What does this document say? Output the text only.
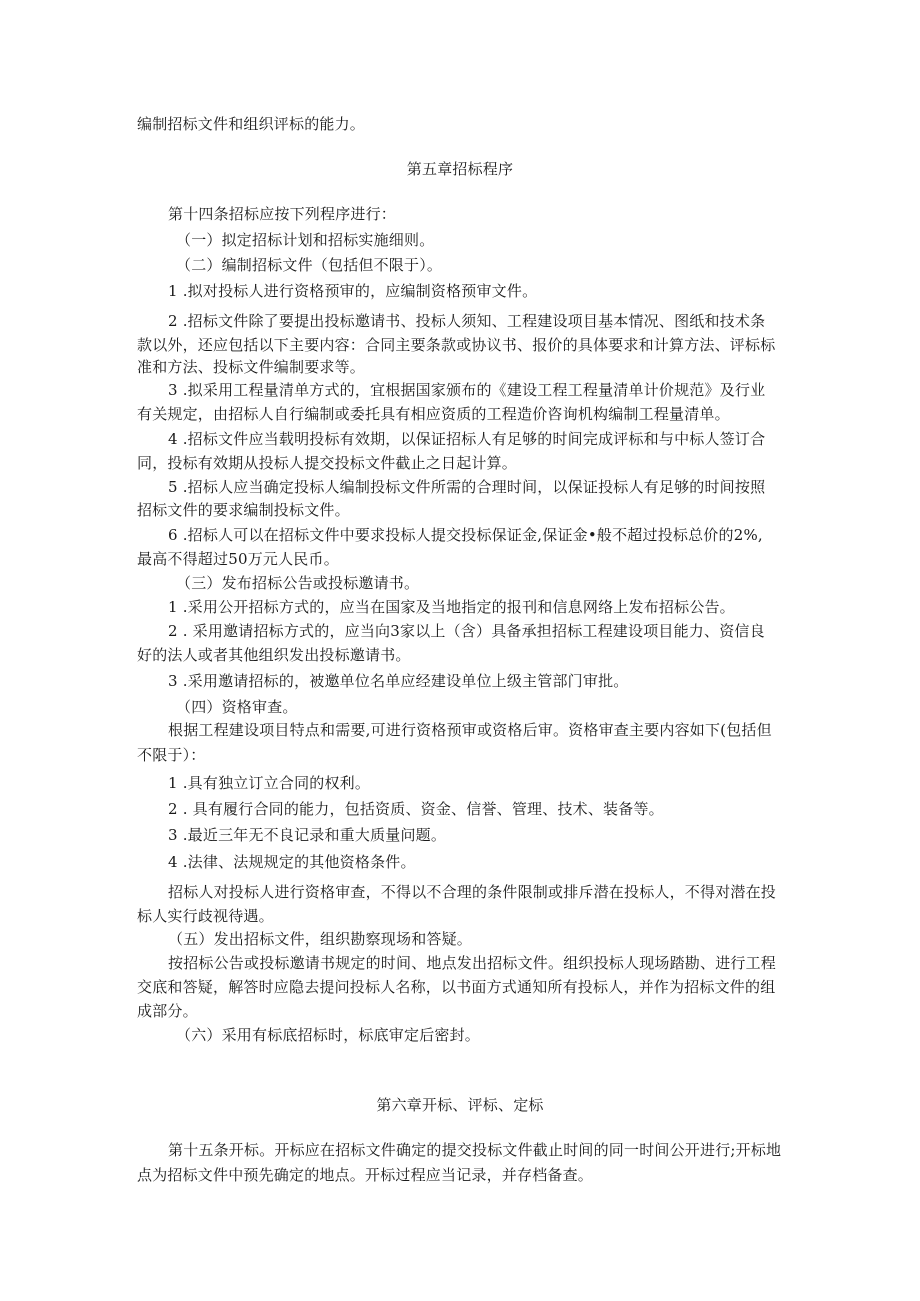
编制招标文件和组织评标的能力。
第五章招标程序
第十四条招标应按下列程序进行：
（一）拟定招标计划和招标实施细则。
（二）编制招标文件（包括但不限于）。
1 .拟对投标人进行资格预审的，应编制资格预审文件。
2 .招标文件除了要提出投标邀请书、投标人须知、工程建设项目基本情况、图纸和技术条
款以外，还应包括以下主要内容：合同主要条款或协议书、报价的具体要求和计算方法、评标标
准和方法、投标文件编制要求等。
3 .拟采用工程量清单方式的，宜根据国家颁布的《建设工程工程量清单计价规范》及行业
有关规定，由招标人自行编制或委托具有相应资质的工程造价咨询机构编制工程量清单。
4 .招标文件应当载明投标有效期，以保证招标人有足够的时间完成评标和与中标人签订合
同，投标有效期从投标人提交投标文件截止之日起计算。
5 .招标人应当确定投标人编制投标文件所需的合理时间，以保证投标人有足够的时间按照
招标文件的要求编制投标文件。
6 .招标人可以在招标文件中要求投标人提交投标保证金,保证金•般不超过投标总价的2%,
最高不得超过50万元人民币。
（三）发布招标公告或投标邀请书。
1 .采用公开招标方式的，应当在国家及当地指定的报刊和信息网络上发布招标公告。
2 . 采用邀请招标方式的，应当向3家以上（含）具备承担招标工程建设项目能力、资信良
好的法人或者其他组织发出投标邀请书。
3 .采用邀请招标的，被邀单位名单应经建设单位上级主管部门审批。
（四）资格审查。
根据工程建设项目特点和需要,可进行资格预审或资格后审。资格审查主要内容如下(包括但
不限于）：
1 .具有独立订立合同的权利。
2 . 具有履行合同的能力，包括资质、资金、信誉、管理、技术、装备等。
3 .最近三年无不良记录和重大质量问题。
4 .法律、法规规定的其他资格条件。
招标人对投标人进行资格审查，不得以不合理的条件限制或排斥潜在投标人，不得对潜在投
标人实行歧视待遇。
（五）发出招标文件，组织勘察现场和答疑。
按招标公告或投标邀请书规定的时间、地点发出招标文件。组织投标人现场踏勘、进行工程
交底和答疑，解答时应隐去提问投标人名称，以书面方式通知所有投标人，并作为招标文件的组
成部分。
（六）采用有标底招标时，标底审定后密封。
第六章开标、评标、定标
第十五条开标。开标应在招标文件确定的提交投标文件截止时间的同一时间公开进行;开标地
点为招标文件中预先确定的地点。开标过程应当记录，并存档备查。
